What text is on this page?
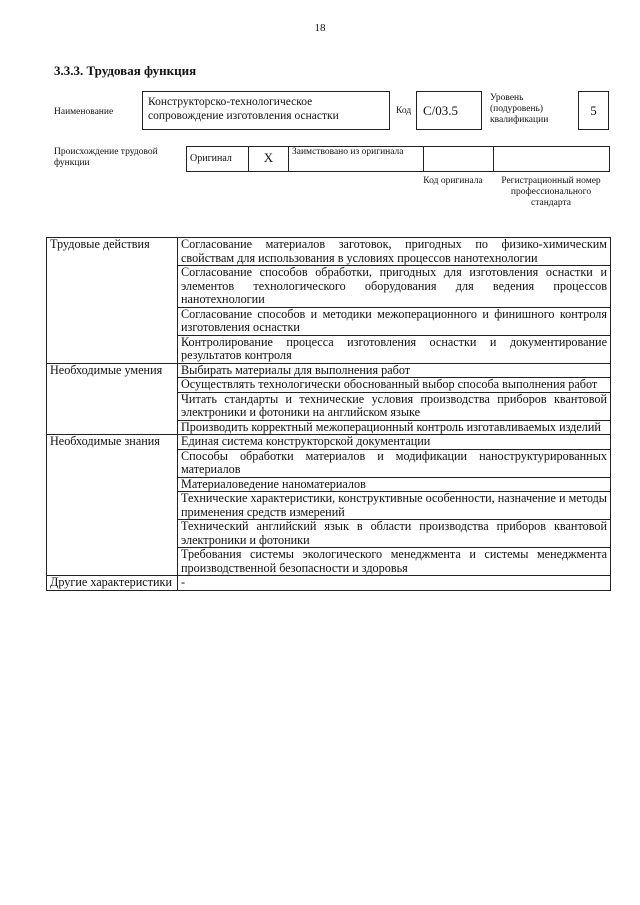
18
3.3.3. Трудовая функция
Наименование
Конструкторско-технологическое сопровождение изготовления оснастки	Код С/03.5
Уровень (подуровень) квалификации
5
Происхождение трудовой функции	Оригинал	X	Заимствовано из оригинала		
Код оригинала	Регистрационный номер профессионального стандарта
Трудовые действия	Согласование материалов заготовок, пригодных по физико-химическим свойствам для использования в условиях процессов нанотехнологии
	Согласование способов обработки, пригодных для изготовления оснастки и элементов технологического оборудования для ведения процессов нанотехнологии
	Согласование способов и методики межоперационного и финишного контроля изготовления оснастки
	Контролирование процесса изготовления оснастки и документирование результатов контроля
Необходимые умения	Выбирать материалы для выполнения работ
	Осуществлять технологически обоснованный выбор способа выполнения работ
	Читать стандарты и технические условия производства приборов квантовой электроники и фотоники на английском языке
	Производить корректный межоперационный контроль изготавливаемых изделий
Необходимые знания	Единая система конструкторской документации
	Способы обработки материалов и модификации наноструктурированных материалов
	Материаловедение наноматериалов
	Технические характеристики, конструктивные особенности, назначение и методы применения средств измерений
	Технический английский язык в области производства приборов квантовой электроники и фотоники
	Требования системы экологического менеджмента и системы менеджмента производственной безопасности и здоровья
Другие характеристики	-
